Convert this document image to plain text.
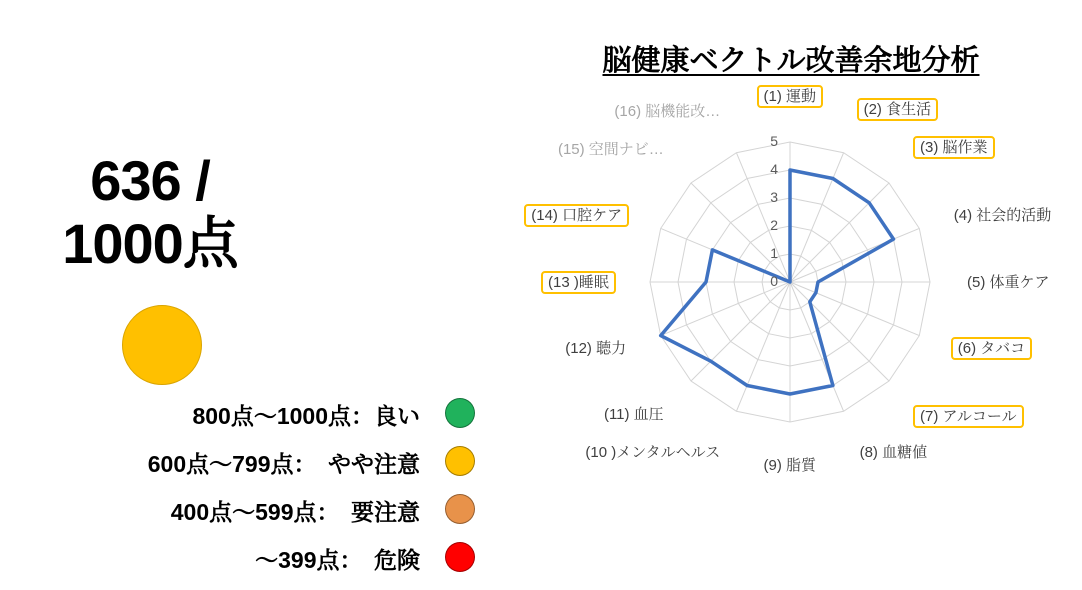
636 /
1000点
800点〜1000点：良い
600点〜799点：　やや注意
400点〜599点：　要注意
〜399点：　危険
脳健康ベクトル改善余地分析
0
1
2
3
4
5
(1) 運動
(2) 食生活
(3) 脳作業
(4) 社会的活動
(5) 体重ケア
(6) タバコ
(7) アルコール
(8) 血糖値
(9) 脂質
(10 )メンタルヘルス
(11) 血圧
(12) 聴力
(13 )睡眠
(14) 口腔ケア
(15) 空間ナビ…
(16) 脳機能改…
